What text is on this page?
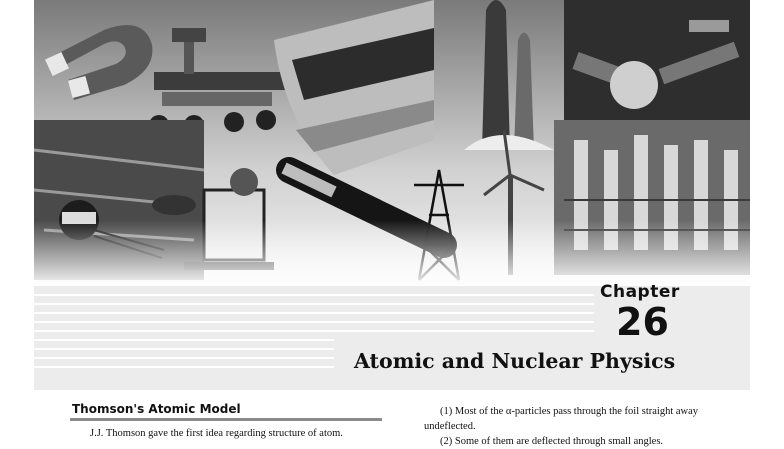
Chapter
26
Atomic and Nuclear Physics
Thomson's Atomic Model
J.J. Thomson gave the first idea regarding structure of atom.

(1) Most of the α-particles pass through the foil straight away

undeflected.

(2) Some of them are deflected through small angles.
